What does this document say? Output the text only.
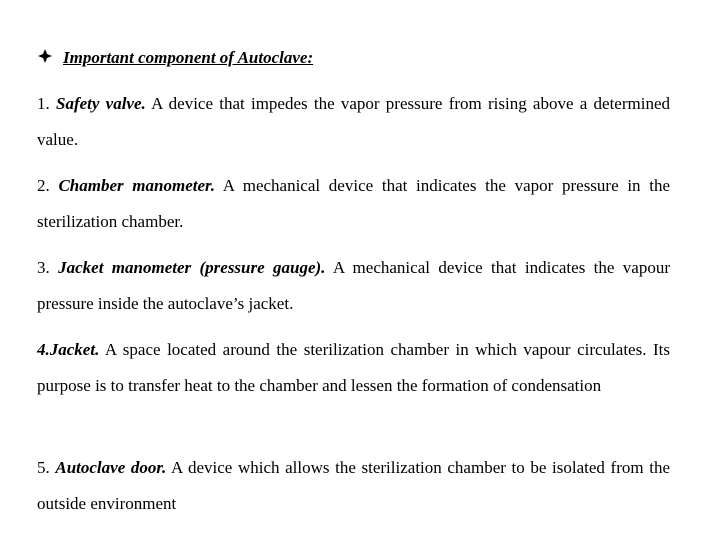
Important component of Autoclave:
1. Safety valve. A device that impedes the vapor pressure from rising above a determined value.
2. Chamber manometer. A mechanical device that indicates the vapor pressure in the sterilization chamber.
3. Jacket manometer (pressure gauge). A mechanical device that indicates the vapour pressure inside the autoclave’s jacket.
4.Jacket. A space located around the sterilization chamber in which vapour circulates. Its purpose is to transfer heat to the chamber and lessen the formation of condensation
5. Autoclave door. A device which allows the sterilization chamber to be isolated from the outside environment
